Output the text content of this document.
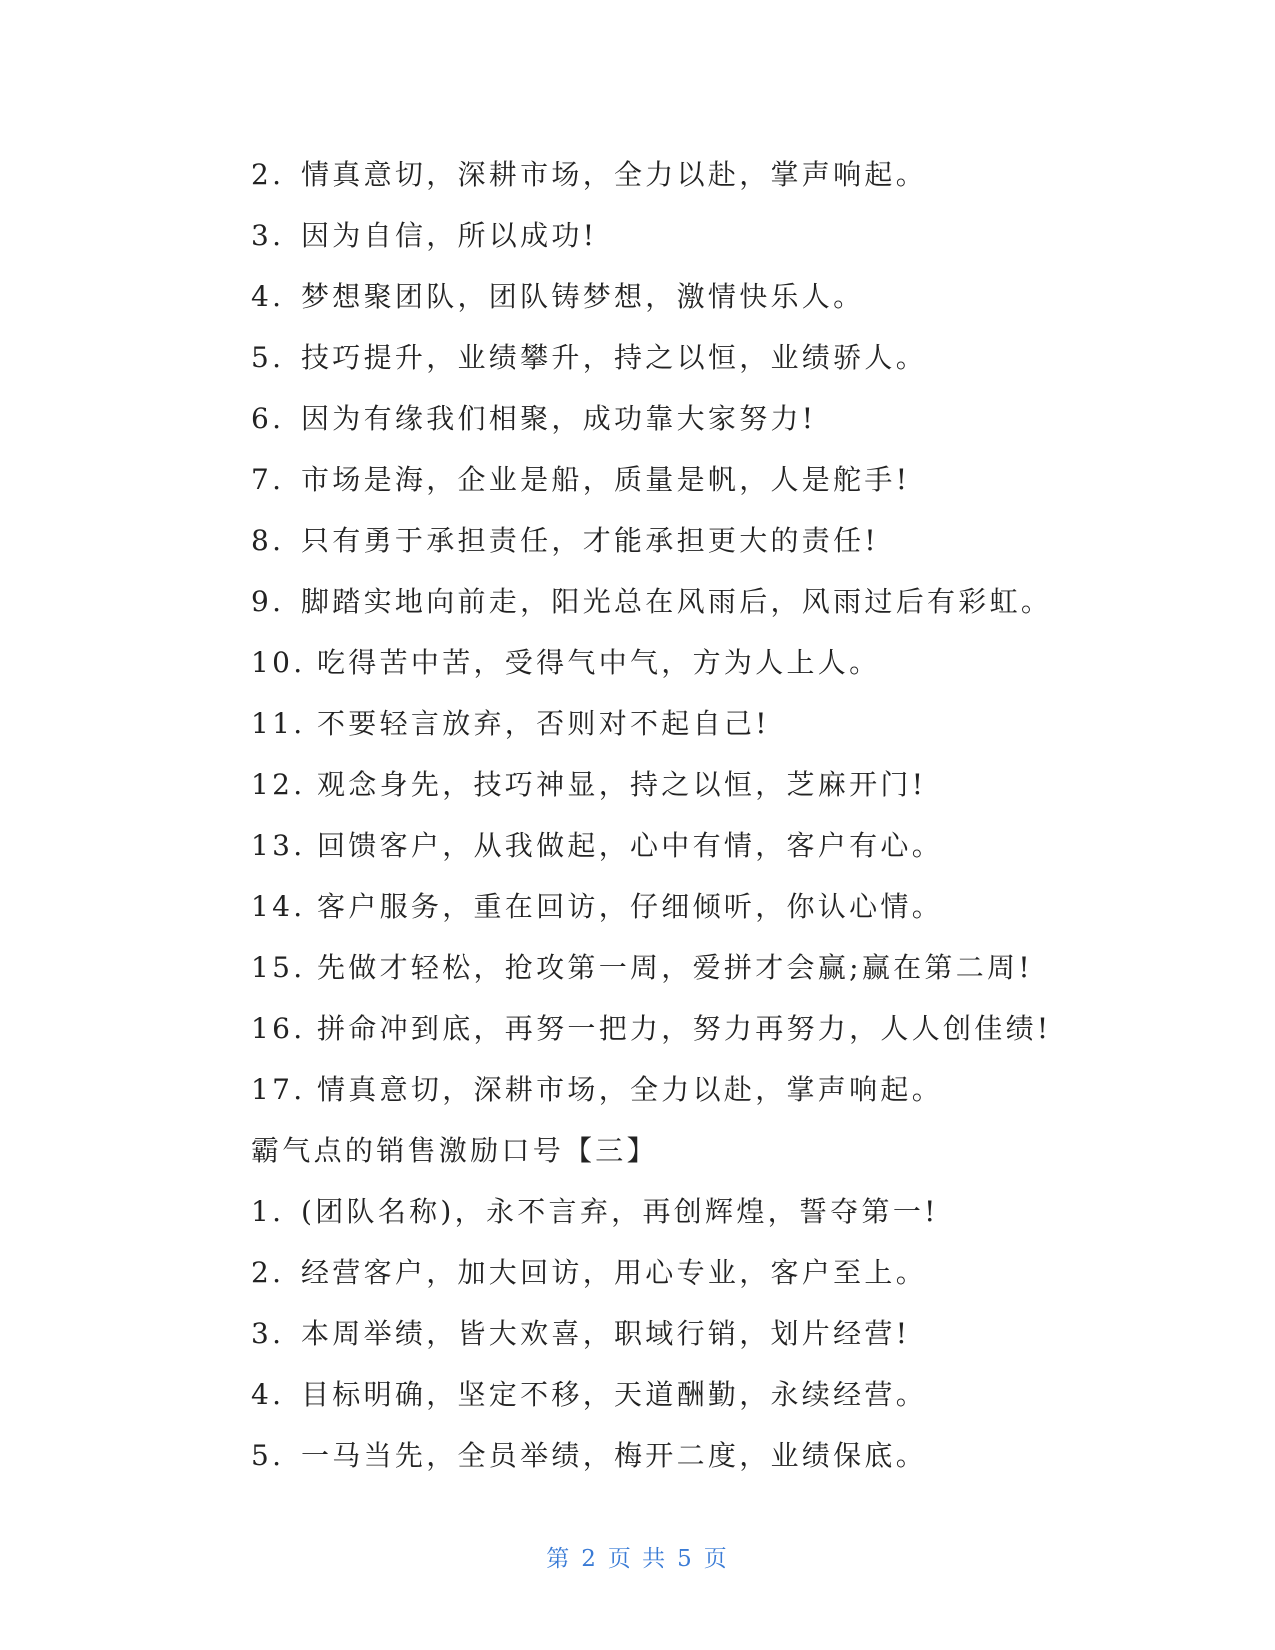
2. 情真意切，深耕市场，全力以赴，掌声响起。
3. 因为自信，所以成功!
4. 梦想聚团队，团队铸梦想，激情快乐人。
5. 技巧提升，业绩攀升，持之以恒，业绩骄人。
6. 因为有缘我们相聚，成功靠大家努力!
7. 市场是海，企业是船，质量是帆，人是舵手!
8. 只有勇于承担责任，才能承担更大的责任!
9. 脚踏实地向前走，阳光总在风雨后，风雨过后有彩虹。
10. 吃得苦中苦，受得气中气，方为人上人。
11. 不要轻言放弃，否则对不起自己!
12. 观念身先，技巧神显，持之以恒，芝麻开门!
13. 回馈客户，从我做起，心中有情，客户有心。
14. 客户服务，重在回访，仔细倾听，你认心情。
15. 先做才轻松，抢攻第一周，爱拼才会赢;赢在第二周!
16. 拼命冲到底，再努一把力，努力再努力，人人创佳绩!
17. 情真意切，深耕市场，全力以赴，掌声响起。
霸气点的销售激励口号【三】
1. (团队名称)，永不言弃，再创辉煌，誓夺第一!
2. 经营客户，加大回访，用心专业，客户至上。
3. 本周举绩，皆大欢喜，职域行销，划片经营!
4. 目标明确，坚定不移，天道酬勤，永续经营。
5. 一马当先，全员举绩，梅开二度，业绩保底。
第 2 页 共 5 页
